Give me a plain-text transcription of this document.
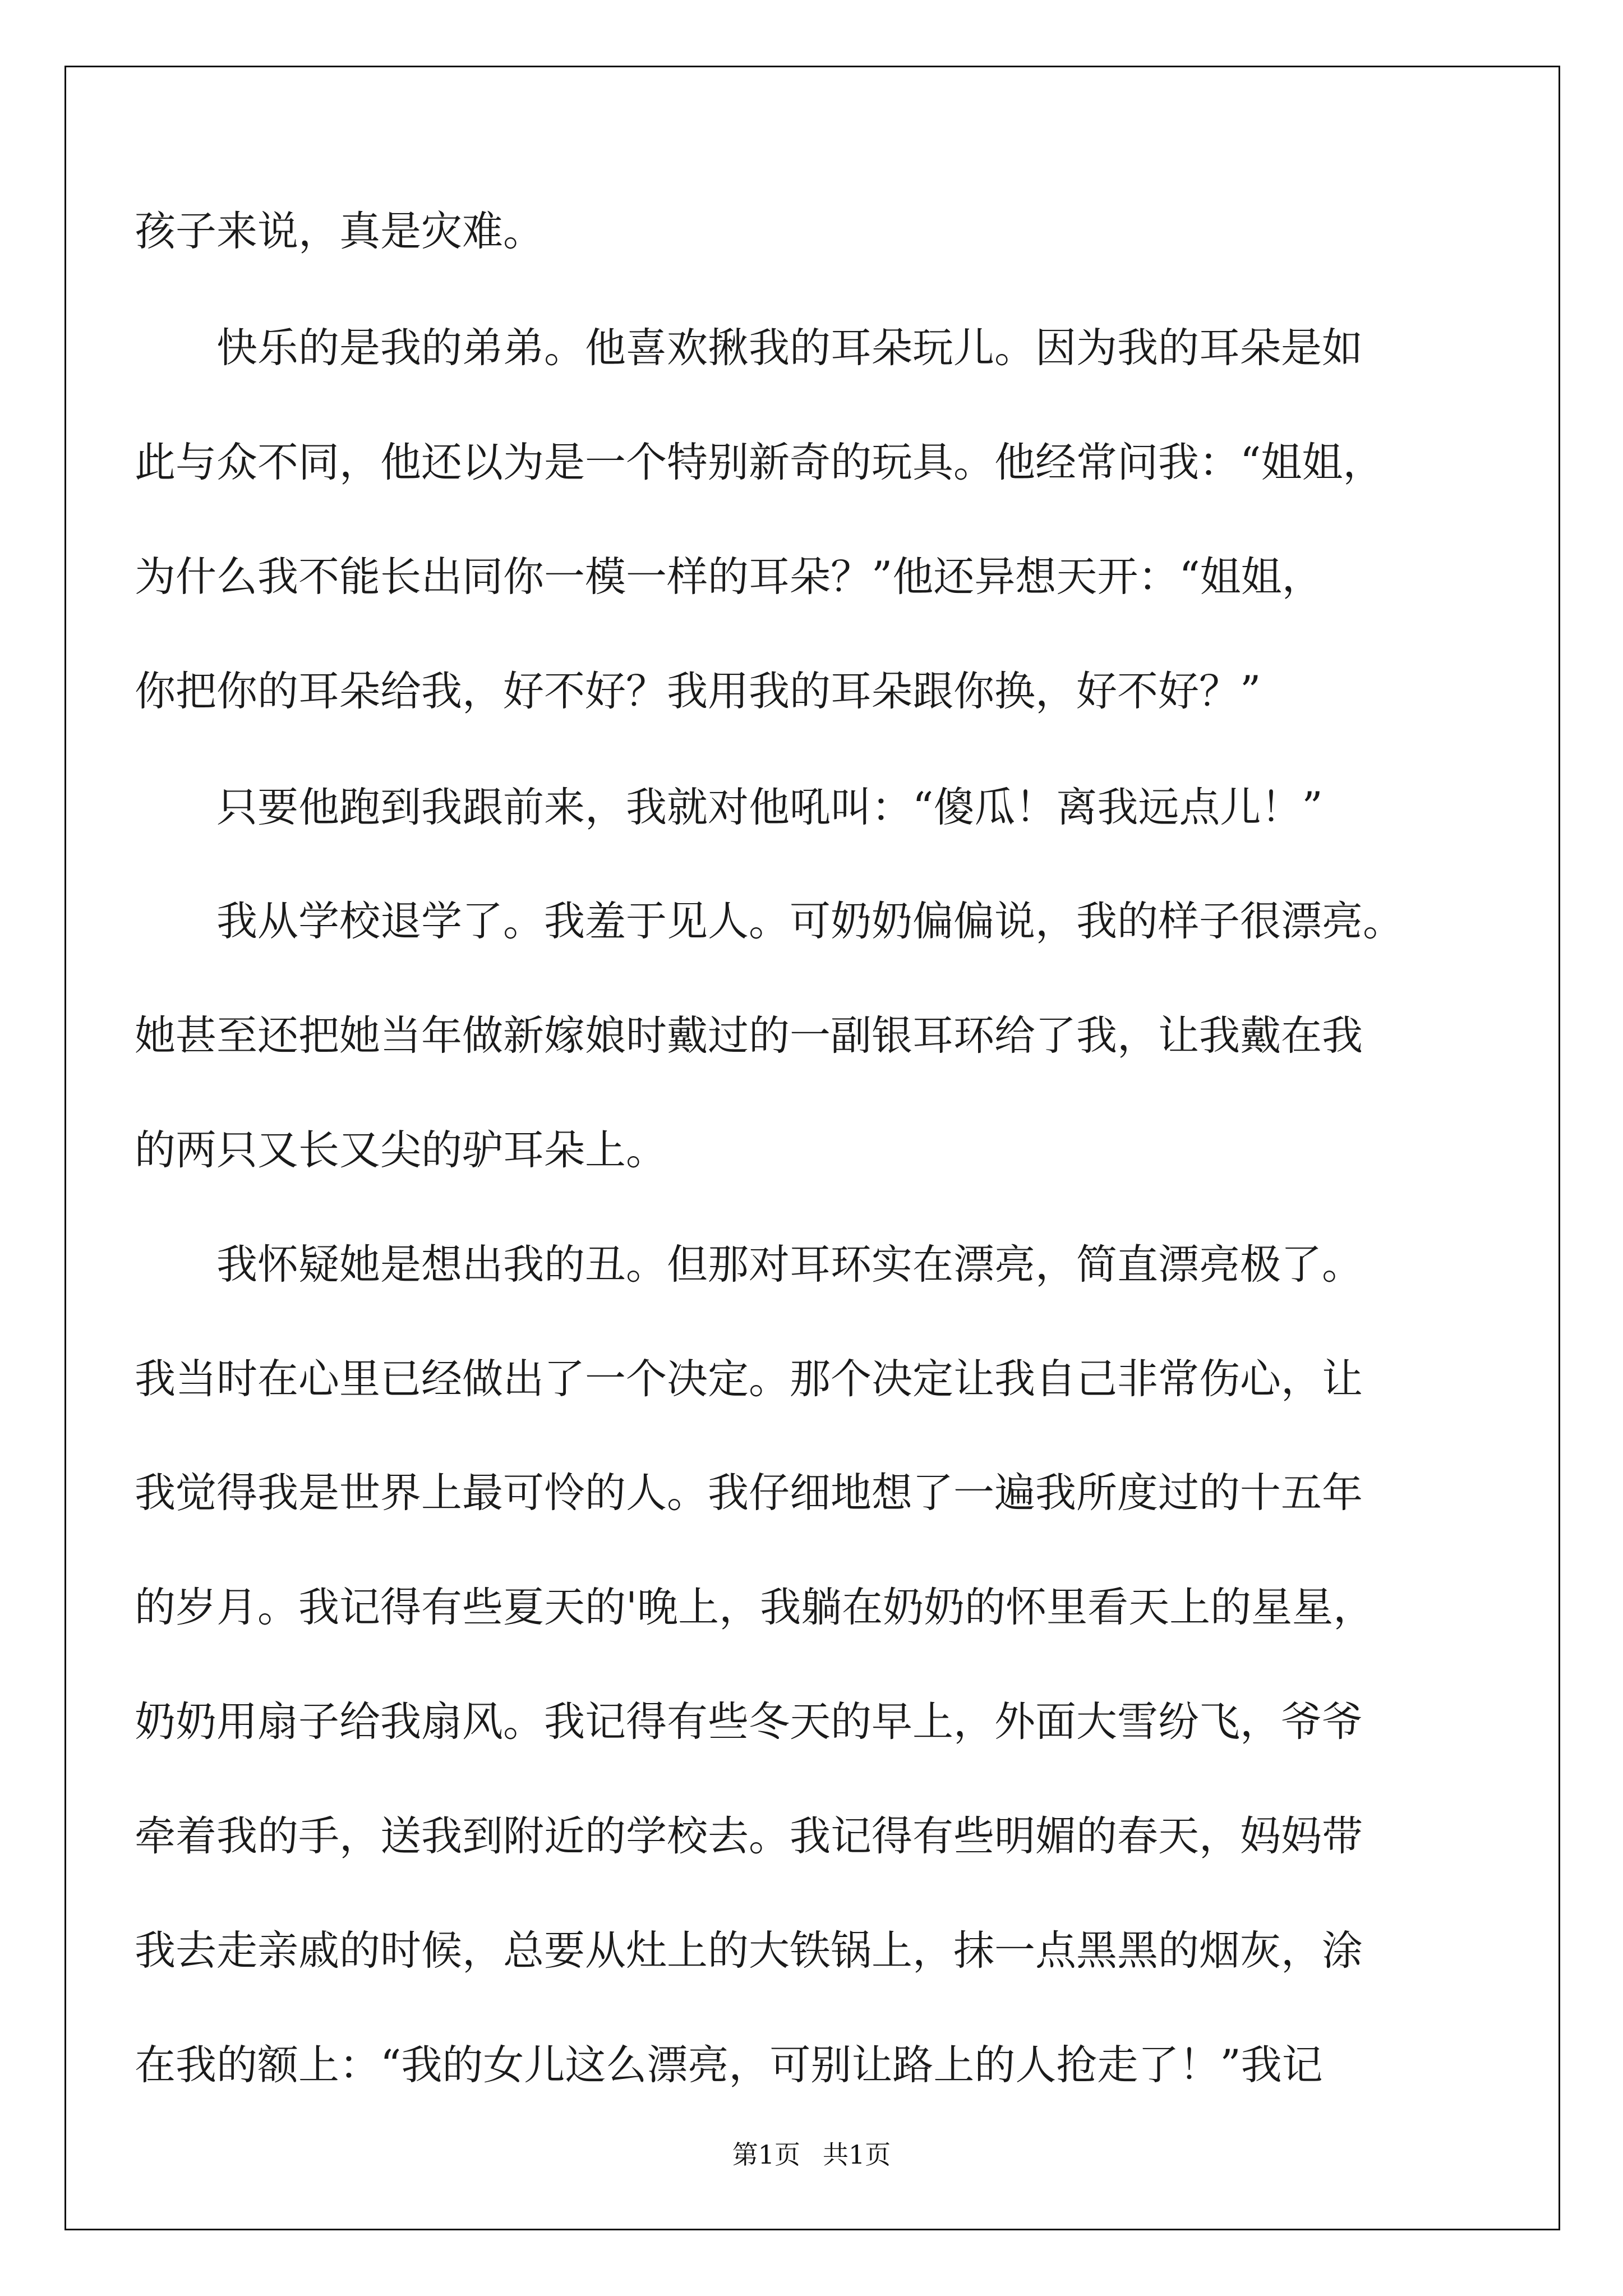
孩子来说，真是灾难。
　　快乐的是我的弟弟。他喜欢揪我的耳朵玩儿。因为我的耳朵是如
此与众不同，他还以为是一个特别新奇的玩具。他经常问我：“姐姐，
为什么我不能长出同你一模一样的耳朵？”他还异想天开：“姐姐，
你把你的耳朵给我，好不好？我用我的耳朵跟你换，好不好？”
　　只要他跑到我跟前来，我就对他吼叫：“傻瓜！离我远点儿！”
　　我从学校退学了。我羞于见人。可奶奶偏偏说，我的样子很漂亮。
她甚至还把她当年做新嫁娘时戴过的一副银耳环给了我，让我戴在我
的两只又长又尖的驴耳朵上。
　　我怀疑她是想出我的丑。但那对耳环实在漂亮，简直漂亮极了。
我当时在心里已经做出了一个决定。那个决定让我自己非常伤心，让
我觉得我是世界上最可怜的人。我仔细地想了一遍我所度过的十五年
的岁月。我记得有些夏天的'晚上，我躺在奶奶的怀里看天上的星星，
奶奶用扇子给我扇风。我记得有些冬天的早上，外面大雪纷飞，爷爷
牵着我的手，送我到附近的学校去。我记得有些明媚的春天，妈妈带
我去走亲戚的时候，总要从灶上的大铁锅上，抹一点黑黑的烟灰，涂
在我的额上：“我的女儿这么漂亮，可别让路上的人抢走了！”我记
第1页 共1页
